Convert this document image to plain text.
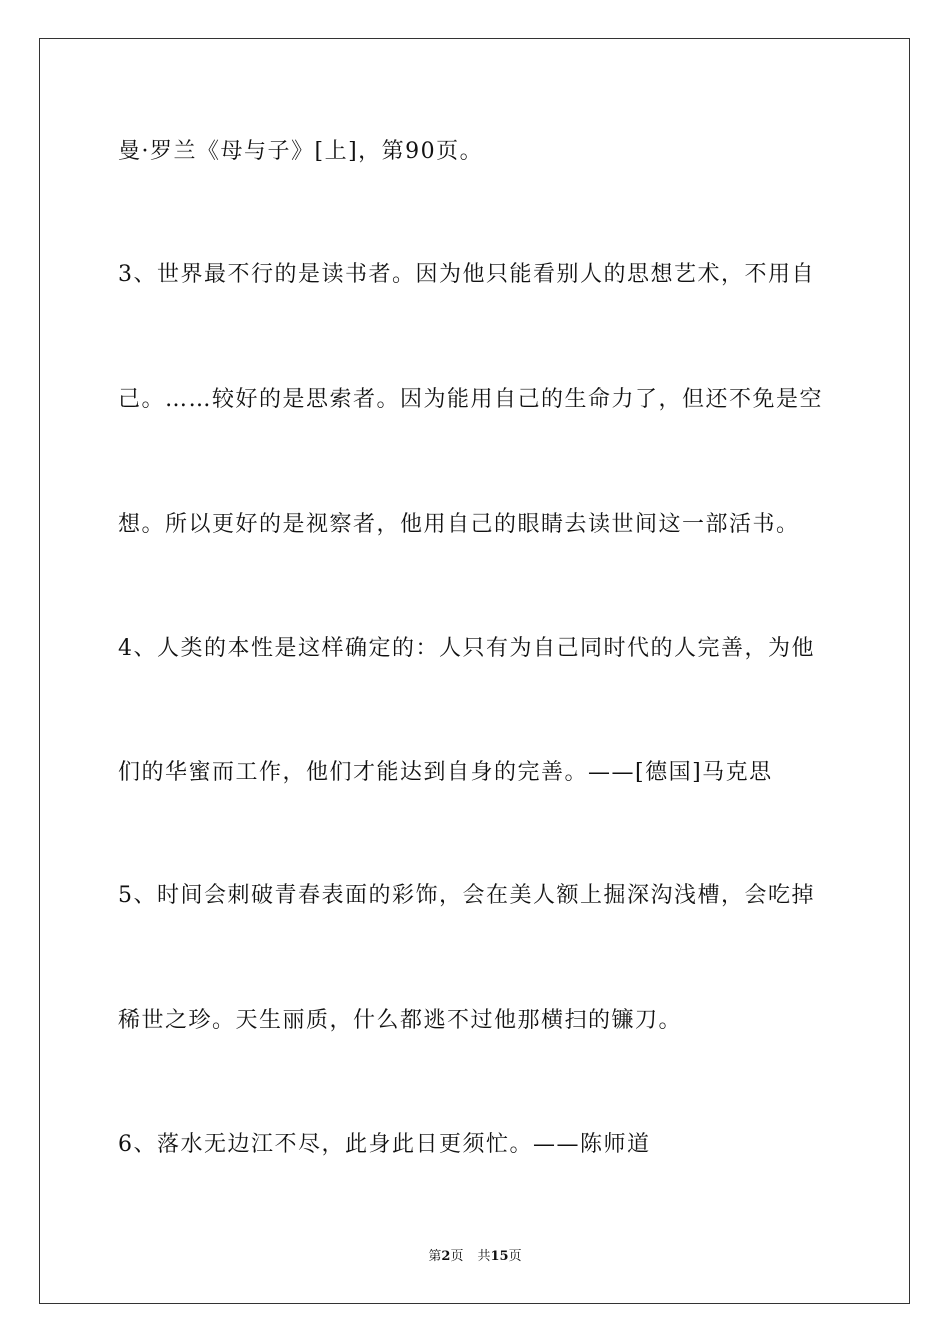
曼·罗兰《母与子》[上]，第90页。
3、世界最不行的是读书者。因为他只能看别人的思想艺术，不用自
己。……较好的是思索者。因为能用自己的生命力了，但还不免是空
想。所以更好的是视察者，他用自己的眼睛去读世间这一部活书。
4、人类的本性是这样确定的：人只有为自己同时代的人完善，为他
们的华蜜而工作，他们才能达到自身的完善。——[德国]马克思
5、时间会刺破青春表面的彩饰，会在美人额上掘深沟浅槽，会吃掉
稀世之珍。天生丽质，什么都逃不过他那横扫的镰刀。
6、落水无边江不尽，此身此日更须忙。——陈师道
第2页 共15页
